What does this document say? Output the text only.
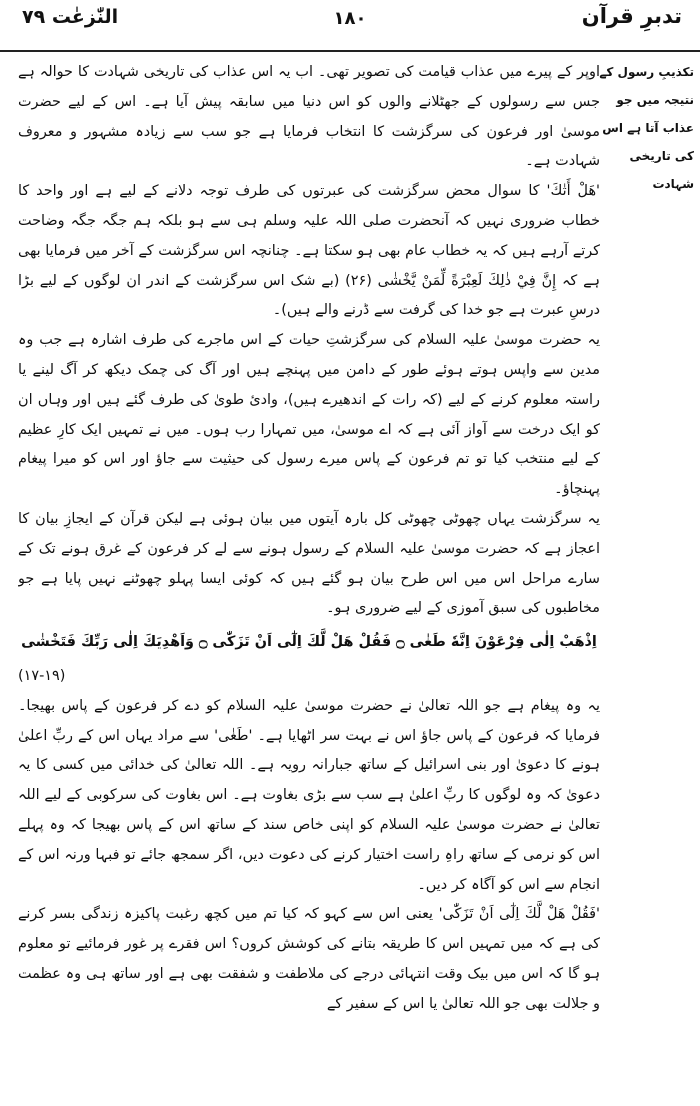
النّٰزعٰت ۷۹	۱۸۰	تدبرِ قرآن
تکذیبِ رسول کے نتیجہ میں جو عذاب آتا ہے اس کی تاریخی شہادت

اوپر کے پیرے میں عذاب قیامت کی تصویر تھی۔ اب یہ اس عذاب کی تاریخی شہادت کا حوالہ ہے جس سے رسولوں کے جھٹلانے والوں کو اس دنیا میں سابقہ پیش آیا ہے۔ اس کے لیے حضرت موسیٰ اور فرعون کی سرگزشت کا انتخاب فرمایا ہے جو سب سے زیادہ مشہور و معروف شہادت ہے۔

'هَلْ أَتٰكَ' کا سوال محض سرگزشت کی عبرتوں کی طرف توجہ دلانے کے لیے ہے اور واحد کا خطاب ضروری نہیں کہ آنحضرت صلی اللہ علیہ وسلم ہی سے ہو بلکہ ہم جگہ جگہ وضاحت کرتے آرہے ہیں کہ یہ خطاب عام بھی ہو سکتا ہے۔ چنانچہ اس سرگزشت کے آخر میں فرمایا بھی ہے کہ إِنَّ فِيْ ذٰلِكَ لَعِبْرَةً لِّمَنْ يَّخْشٰى (۲۶) (بے شک اس سرگزشت کے اندر ان لوگوں کے لیے بڑا درسِ عبرت ہے جو خدا کی گرفت سے ڈرنے والے ہیں)۔

یہ حضرت موسیٰ علیہ السلام کی سرگزشتِ حیات کے اس ماجرے کی طرف اشارہ ہے جب وہ مدین سے واپس ہوتے ہوئے طور کے دامن میں پہنچے ہیں اور آگ کی چمک دیکھ کر آگ لینے یا راستہ معلوم کرنے کے لیے (کہ رات کے اندھیرے ہیں)، وادیٔ طویٰ کی طرف گئے ہیں اور وہاں ان کو ایک درخت سے آواز آئی ہے کہ اے موسیٰ، میں تمہارا رب ہوں۔ میں نے تمہیں ایک کارِ عظیم کے لیے منتخب کیا تو تم فرعون کے پاس میرے رسول کی حیثیت سے جاؤ اور اس کو میرا پیغام پہنچاؤ۔

یہ سرگزشت یہاں چھوٹی چھوٹی کل بارہ آیتوں میں بیان ہوئی ہے لیکن قرآن کے ایجازِ بیان کا اعجاز ہے کہ حضرت موسیٰ علیہ السلام کے رسول ہونے سے لے کر فرعون کے غرق ہونے تک کے سارے مراحل اس میں اس طرح بیان ہو گئے ہیں کہ کوئی ایسا پہلو چھوٹنے نہیں پایا ہے جو مخاطبوں کی سبق آموزی کے لیے ضروری ہو۔

اِذْهَبْ اِلٰى فِرْعَوْنَ اِنَّهٗ طَغٰى ۝ فَقُلْ هَلْ لَّكَ اِلٰٓى اَنْ تَزَكّٰى ۝ وَاَهْدِيَكَ اِلٰى رَبِّكَ فَتَخْشٰى

(۱۷-۱۹)

یہ وہ پیغام ہے جو اللہ تعالیٰ نے حضرت موسیٰ علیہ السلام کو دے کر فرعون کے پاس بھیجا۔ فرمایا کہ فرعون کے پاس جاؤ اس نے بہت سر اٹھایا ہے۔ 'طَغٰى' سے مراد یہاں اس کے ربِّ اعلیٰ ہونے کا دعویٰ اور بنی اسرائیل کے ساتھ جبارانہ رویہ ہے۔ اللہ تعالیٰ کی خدائی میں کسی کا یہ دعویٰ کہ وہ لوگوں کا ربِّ اعلیٰ ہے سب سے بڑی بغاوت ہے۔ اس بغاوت کی سرکوبی کے لیے اللہ تعالیٰ نے حضرت موسیٰ علیہ السلام کو اپنی خاص سند کے ساتھ اس کے پاس بھیجا کہ وہ پہلے اس کو نرمی کے ساتھ راہِ راست اختیار کرنے کی دعوت دیں، اگر سمجھ جائے تو فبہا ورنہ اس کے انجام سے اس کو آگاہ کر دیں۔

'فَقُلْ هَلْ لَّكَ اِلٰٓى اَنْ تَزَكّٰى' یعنی اس سے کہو کہ کیا تم میں کچھ رغبت پاکیزہ زندگی بسر کرنے کی ہے کہ میں تمہیں اس کا طریقہ بتانے کی کوشش کروں؟ اس فقرے پر غور فرمائیے تو معلوم ہو گا کہ اس میں بیک وقت انتہائی درجے کی ملاطفت و شفقت بھی ہے اور ساتھ ہی وہ عظمت و جلالت بھی جو اللہ تعالیٰ یا اس کے سفیر کے
